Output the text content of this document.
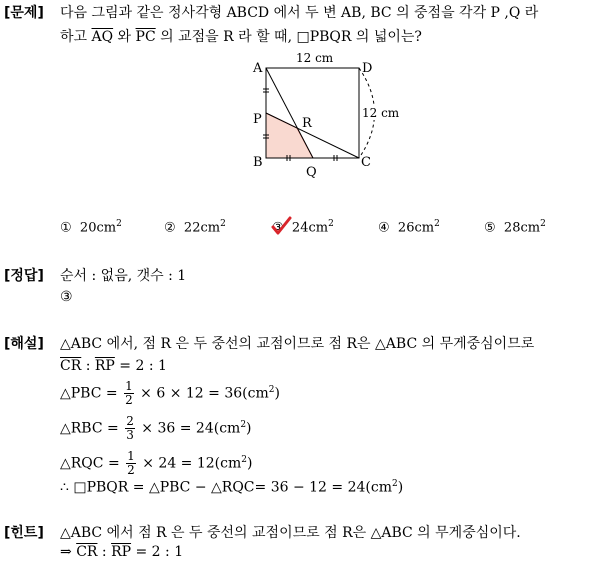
[문제] 다음 그림과 같은 정사각형 ABCD 에서 두 변 AB, BC 의 중점을 각각 P ,Q 라
하고 $\overline{AQ}$ 와 $\overline{PC}$ 의 교점을 R 라 할 때, □PBQR 의 넓이는?
A	D
P
B	C
Q
R
12 cm
12 cm
① $20cm^2$	② $22cm^2$	③ $24cm^2$	④ $26cm^2$	⑤ $28cm^2$
[정답] 순서 : 없음, 갯수 : 1
③
[해설] △ABC 에서, 점 R 은 두 중선의 교점이므로 점 R은 △ABC 의 무게중심이므로
$\overline{CR}$ : $\overline{RP} = 2$ : 1
△PBC = $\frac{1}{2} \times 6 \times 12 = 36(cm^2)$
△RBC = $\frac{2}{3} \times 36 = 24(cm^2)$
△RQC = $\frac{1}{2} \times 24 = 12(cm^2)$
∴ □PBQR = △PBC − △RQC= $36 - 12 = 24(cm^2)$
[힌트] △ABC 에서 점 R 은 두 중선의 교점이므로 점 R은 △ABC 의 무게중심이다.
⇒ $\overline{CR}$ : $\overline{RP} = 2$ : 1
